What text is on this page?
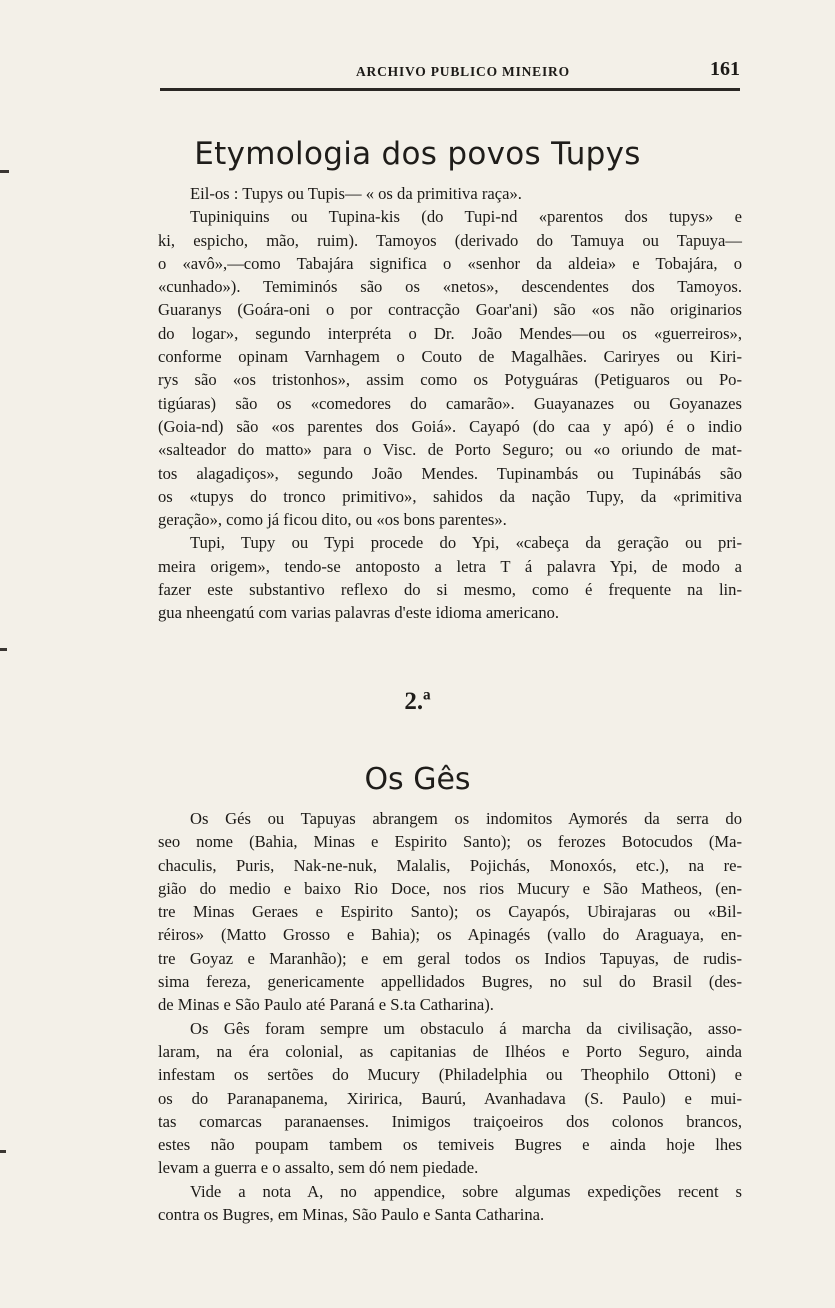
ARCHIVO PUBLICO MINEIRO	161
Etymologia dos povos Tupys
Eil-os : Tupys ou Tupis— « os da primitiva raça».
Tupiniquins ou Tupina-kis (do Tupi-nd «parentos dos tupys» e
ki, espicho, mão, ruim). Tamoyos (derivado do Tamuya ou Tapuya—
o «avô»,—como Tabajára significa o «senhor da aldeia» e Tobajára, o
«cunhado»). Temiminós são os «netos», descendentes dos Tamoyos.
Guaranys (Goára-oni o por contracção Goar'ani) são «os não originarios
do logar», segundo interpréta o Dr. João Mendes—ou os «guerreiros»,
conforme opinam Varnhagem o Couto de Magalhães. Cariryes ou Kiri-
rys são «os tristonhos», assim como os Potyguáras (Petiguaros ou Po-
tigúaras) são os «comedores do camarão». Guayanazes ou Goyanazes
(Goia-nd) são «os parentes dos Goiá». Cayapó (do caa y apó) é o indio
«salteador do matto» para o Visc. de Porto Seguro; ou «o oriundo de mat-
tos alagadiços», segundo João Mendes. Tupinambás ou Tupinábás são
os «tupys do tronco primitivo», sahidos da nação Tupy, da «primitiva
geração», como já ficou dito, ou «os bons parentes».
Tupi, Tupy ou Typi procede do Ypi, «cabeça da geração ou pri-
meira origem», tendo-se antoposto a letra T á palavra Ypi, de modo a
fazer este substantivo reflexo do si mesmo, como é frequente na lin-
gua nheengatú com varias palavras d'este idioma americano.
2.ª
Os Gês
Os Gés ou Tapuyas abrangem os indomitos Aymorés da serra do
seo nome (Bahia, Minas e Espirito Santo); os ferozes Botocudos (Ma-
chaculis, Puris, Nak-ne-nuk, Malalis, Pojichás, Monoxós, etc.), na re-
gião do medio e baixo Rio Doce, nos rios Mucury e São Matheos, (en-
tre Minas Geraes e Espirito Santo); os Cayapós, Ubirajaras ou «Bil-
réiros» (Matto Grosso e Bahia); os Apinagés (vallo do Araguaya, en-
tre Goyaz e Maranhão); e em geral todos os Indios Tapuyas, de rudis-
sima fereza, genericamente appellidados Bugres, no sul do Brasil (des-
de Minas e São Paulo até Paraná e S.ta Catharina).
Os Gês foram sempre um obstaculo á marcha da civilisação, asso-
laram, na éra colonial, as capitanias de Ilhéos e Porto Seguro, ainda
infestam os sertões do Mucury (Philadelphia ou Theophilo Ottoni) e
os do Paranapanema, Xiririca, Baurú, Avanhadava (S. Paulo) e mui-
tas comarcas paranaenses. Inimigos traiçoeiros dos colonos brancos,
estes não poupam tambem os temiveis Bugres e ainda hoje lhes
levam a guerra e o assalto, sem dó nem piedade.
Vide a nota A, no appendice, sobre algumas expedições recent s
contra os Bugres, em Minas, São Paulo e Santa Catharina.
